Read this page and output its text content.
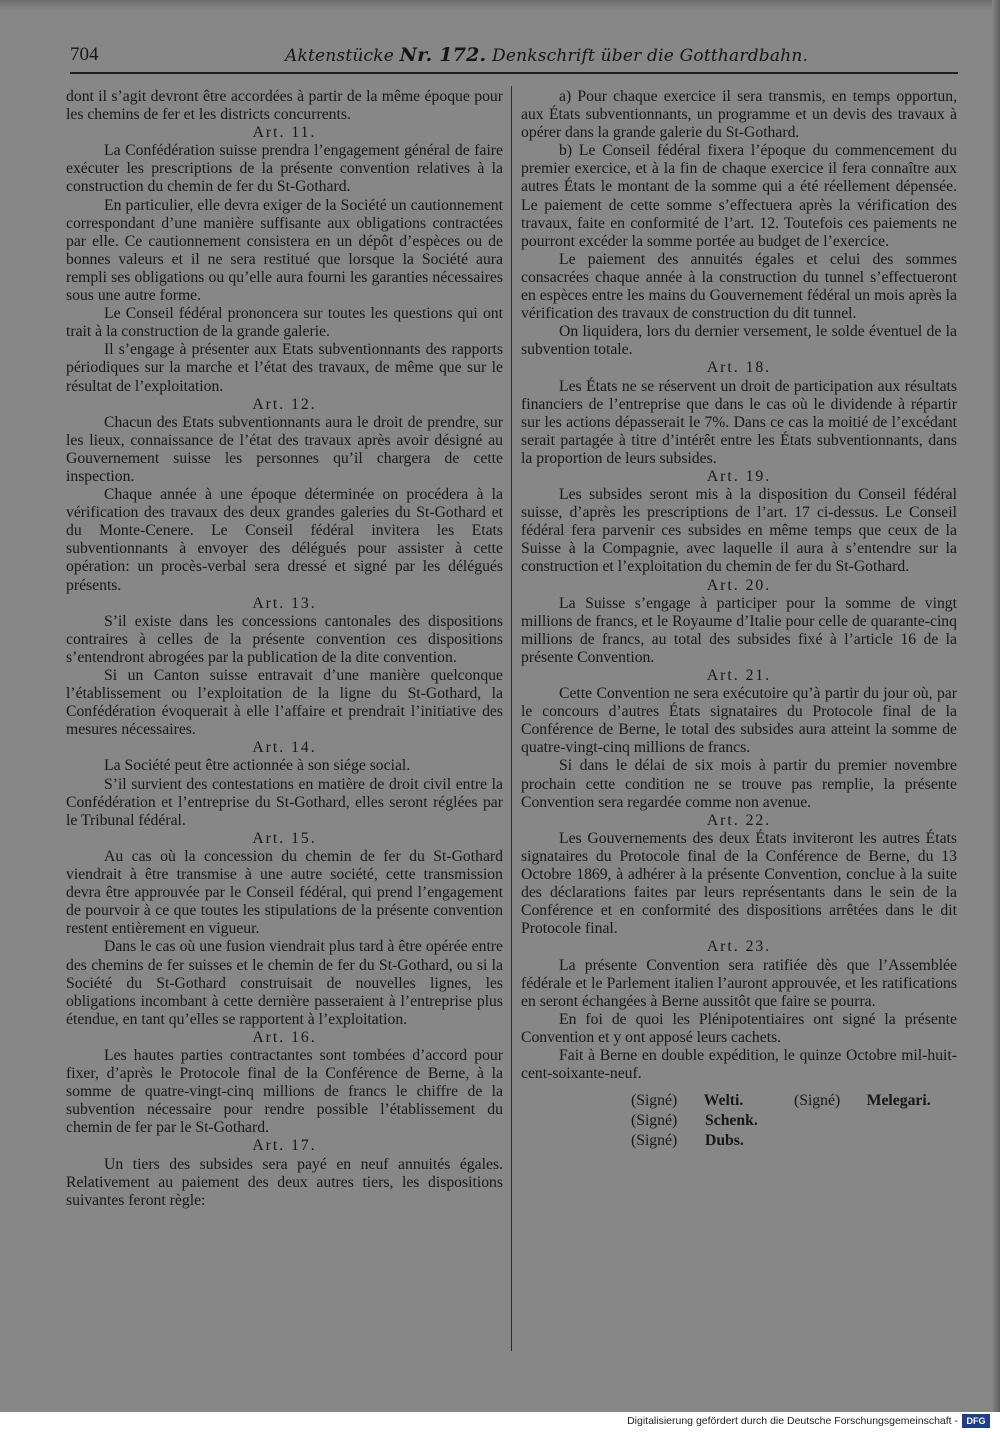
704	Aktenstücke Nr. 172. Denkschrift über die Gotthardbahn.

dont il s’agit devront être accordées à partir de la même époque pour les chemins de fer et les districts concurrents.

Art. 11.

La Confédération suisse prendra l’engagement général de faire exécuter les prescriptions de la présente convention relatives à la construction du chemin de fer du St-Gothard.

En particulier, elle devra exiger de la Société un cautionnement correspondant d’une manière suffisante aux obligations contractées par elle. Ce cautionnement consistera en un dépôt d’espèces ou de bonnes valeurs et il ne sera restitué que lorsque la Société aura rempli ses obligations ou qu’elle aura fourni les garanties nécessaires sous une autre forme.

Le Conseil fédéral prononcera sur toutes les questions qui ont trait à la construction de la grande galerie.

Il s’engage à présenter aux Etats subventionnants des rapports périodiques sur la marche et l’état des travaux, de même que sur le résultat de l’exploitation.

Art. 12.

Chacun des Etats subventionnants aura le droit de prendre, sur les lieux, connaissance de l’état des travaux après avoir désigné au Gouvernement suisse les personnes qu’il chargera de cette inspection.

Chaque année à une époque déterminée on procédera à la vérification des travaux des deux grandes galeries du St-Gothard et du Monte-Cenere. Le Conseil fédéral invitera les Etats subventionnants à envoyer des délégués pour assister à cette opération: un procès-verbal sera dressé et signé par les délégués présents.

Art. 13.

S’il existe dans les concessions cantonales des dispositions contraires à celles de la présente convention ces dispositions s’entendront abrogées par la publication de la dite convention.

Si un Canton suisse entravait d’une manière quelconque l’établissement ou l’exploitation de la ligne du St-Gothard, la Confédération évoquerait à elle l’affaire et prendrait l’initiative des mesures nécessaires.

Art. 14.

La Société peut être actionnée à son siége social.

S’il survient des contestations en matière de droit civil entre la Confédération et l’entreprise du St-Gothard, elles seront réglées par le Tribunal fédéral.

Art. 15.

Au cas où la concession du chemin de fer du St-Gothard viendrait à être transmise à une autre société, cette transmission devra être approuvée par le Conseil fédéral, qui prend l’engagement de pourvoir à ce que toutes les stipulations de la présente convention restent entièrement en vigueur.

Dans le cas où une fusion viendrait plus tard à être opérée entre des chemins de fer suisses et le chemin de fer du St-Gothard, ou si la Société du St-Gothard construisait de nouvelles lignes, les obligations incombant à cette dernière passeraient à l’entreprise plus étendue, en tant qu’elles se rapportent à l’exploitation.

Art. 16.

Les hautes parties contractantes sont tombées d’accord pour fixer, d’après le Protocole final de la Conférence de Berne, à la somme de quatre-vingt-cinq millions de francs le chiffre de la subvention nécessaire pour rendre possible l’établissement du chemin de fer par le St-Gothard.

Art. 17.

Un tiers des subsides sera payé en neuf annuités égales. Relativement au paiement des deux autres tiers, les dispositions suivantes feront règle:

a) Pour chaque exercice il sera transmis, en temps opportun, aux États subventionnants, un programme et un devis des travaux à opérer dans la grande galerie du St-Gothard.

b) Le Conseil fédéral fixera l’époque du commencement du premier exercice, et à la fin de chaque exercice il fera connaître aux autres États le montant de la somme qui a été réellement dépensée. Le paiement de cette somme s’effectuera après la vérification des travaux, faite en conformité de l’art. 12. Toutefois ces paiements ne pourront excéder la somme portée au budget de l’exercice.

Le paiement des annuités égales et celui des sommes consacrées chaque année à la construction du tunnel s’effectueront en espèces entre les mains du Gouvernement fédéral un mois après la vérification des travaux de construction du dit tunnel.

On liquidera, lors du dernier versement, le solde éventuel de la subvention totale.

Art. 18.

Les États ne se réservent un droit de participation aux résultats financiers de l’entreprise que dans le cas où le dividende à répartir sur les actions dépasserait le 7%. Dans ce cas la moitié de l’excédant serait partagée à titre d’intérêt entre les États subventionnants, dans la proportion de leurs subsides.

Art. 19.

Les subsides seront mis à la disposition du Conseil fédéral suisse, d’après les prescriptions de l’art. 17 ci-dessus. Le Conseil fédéral fera parvenir ces subsides en même temps que ceux de la Suisse à la Compagnie, avec laquelle il aura à s’entendre sur la construction et l’exploitation du chemin de fer du St-Gothard.

Art. 20.

La Suisse s’engage à participer pour la somme de vingt millions de francs, et le Royaume d’Italie pour celle de quarante-cinq millions de francs, au total des subsides fixé à l’article 16 de la présente Convention.

Art. 21.

Cette Convention ne sera exécutoire qu’à partir du jour où, par le concours d’autres États signataires du Protocole final de la Conférence de Berne, le total des subsides aura atteint la somme de quatre-vingt-cinq millions de francs.

Si dans le délai de six mois à partir du premier novembre prochain cette condition ne se trouve pas remplie, la présente Convention sera regardée comme non avenue.

Art. 22.

Les Gouvernements des deux États inviteront les autres États signataires du Protocole final de la Conférence de Berne, du 13 Octobre 1869, à adhérer à la présente Convention, conclue à la suite des déclarations faites par leurs représentants dans le sein de la Conférence et en conformité des dispositions arrêtées dans le dit Protocole final.

Art. 23.

La présente Convention sera ratifiée dès que l’Assemblée fédérale et le Parlement italien l’auront approuvée, et les ratifications en seront échangées à Berne aussitôt que faire se pourra.

En foi de quoi les Plénipotentiaires ont signé la présente Convention et y ont apposé leurs cachets.

Fait à Berne en double expédition, le quinze Octobre mil-huit-cent-soixante-neuf.

(Signé)	Welti.	(Signé)	Melegari.
(Signé)	Schenk.
(Signé)	Dubs.
Digitalisierung gefördert durch die Deutsche Forschungsgemeinschaft - DFG
